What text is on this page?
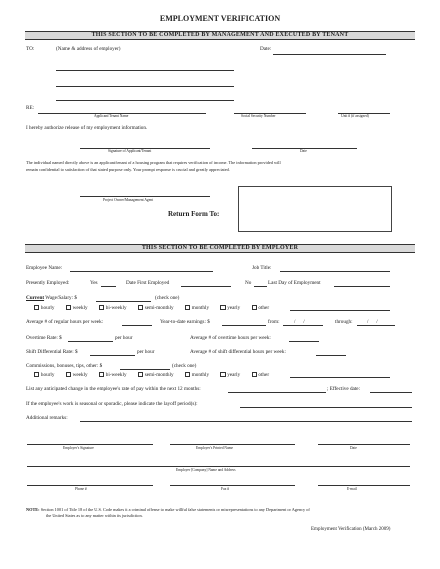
EMPLOYMENT VERIFICATION
THIS SECTION TO BE COMPLETED BY MANAGEMENT AND EXECUTED BY TENANT
TO:	(Name & address of employer)	Date:
RE:
Applicant/Tenant Name	Social Security Number	Unit # (if assigned)
I hereby authorize release of my employment information.
Signature of Applicant/Tenant	Date
The individual named directly above is an applicant/tenant of a housing program that requires verification of income. The information provided will
remain confidential to satisfaction of that stated purpose only. Your prompt response is crucial and greatly appreciated.
Project Owner/Management Agent
Return Form To:
THIS SECTION TO BE COMPLETED BY EMPLOYER
Employee Name:	Job Title:
Presently Employed:	Yes	Date First Employed	No	Last Day of Employment
Current Wage/Salary: $	(check one)
hourly	weekly	bi-weekly	semi-monthly	monthly	yearly	other
Average # of regular hours per week:	Year-to-date earnings: $	from:	/      /	through:	/      /
Overtime Rate: $	per hour	Average # of overtime hours per week:
Shift Differential Rate: $	per hour	Average # of shift differential hours per week:
Commissions, bonuses, tips, other: $	(check one)
hourly	weekly	bi-weekly	semi-monthly	monthly	yearly	other
List any anticipated change in the employee's rate of pay within the next 12 months:	; Effective date:
If the employee's work is seasonal or sporadic, please indicate the layoff period(s):
Additional remarks:
Employer's Signature	Employer's Printed Name	Date
Employer [Company] Name and Address
Phone #	Fax #	E-mail
NOTE: Section 1001 of Title 18 of the U.S. Code makes it a criminal offense to make willful false statements or misrepresentations to any Department or Agency of
the United States as to any matter within its jurisdiction.
Employment Verification (March 2009)
